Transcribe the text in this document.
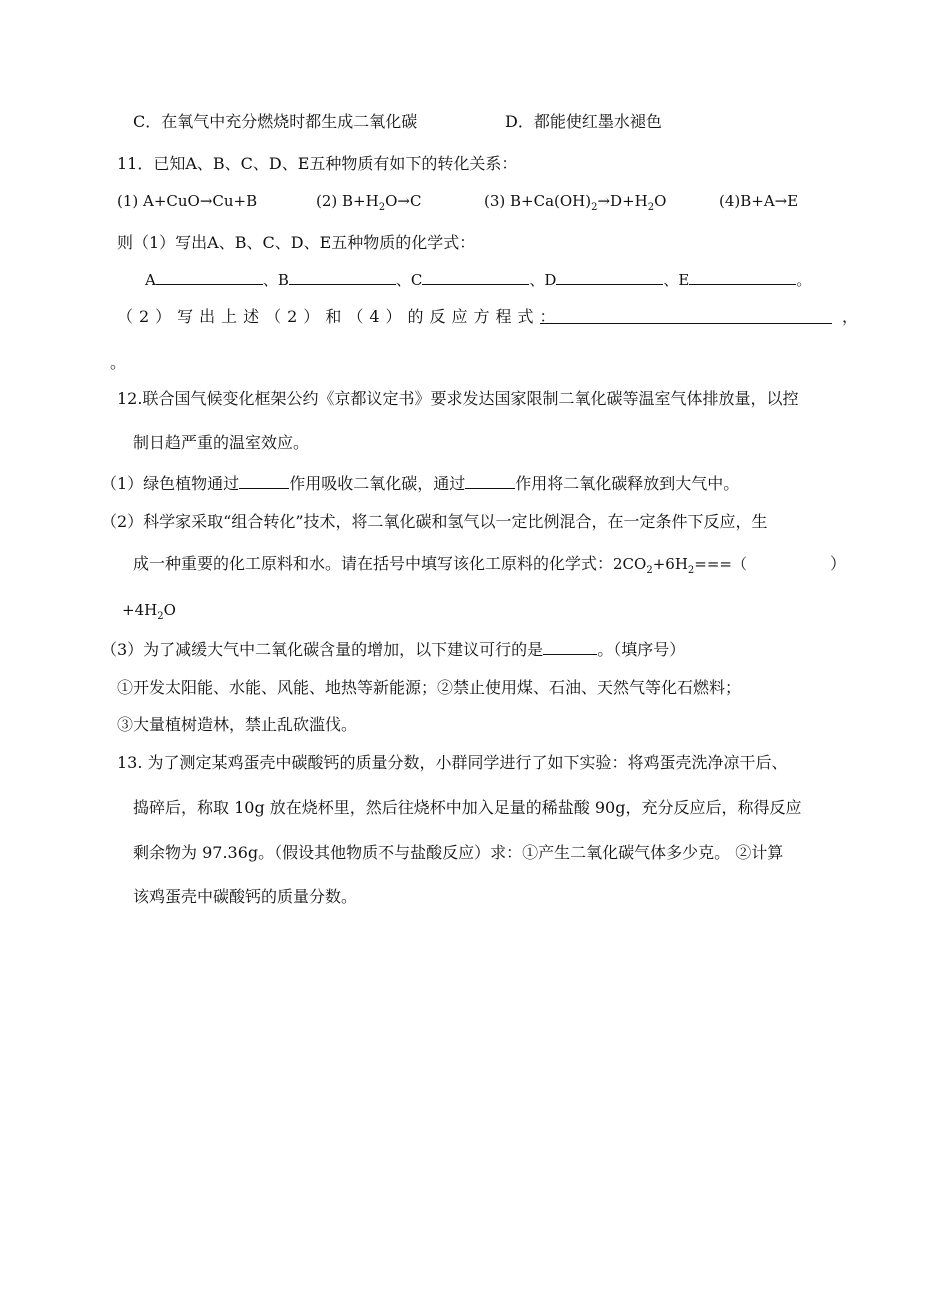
C．在氧气中充分燃烧时都生成二氧化碳	D．都能使红墨水褪色
11．已知A、B、C、D、E五种物质有如下的转化关系：
(1) A+CuO→Cu+B	(2) $B+H_2O\to C$	(3) $B+Ca(OH)_2\to D+H_2O$	(4)B+A→E
则（1）写出A、B、C、D、E五种物质的化学式：
A	、B	、C	、D	、E	。
（2）写出上述（2）和（4）的反应方程式：	，
。
12.联合国气候变化框架公约《京都议定书》要求发达国家限制二氧化碳等温室气体排放量，以控
制日趋严重的温室效应。
（1）绿色植物通过	作用吸收二氧化碳，通过	作用将二氧化碳释放到大气中。
（2）科学家采取“组合转化”技术，将二氧化碳和氢气以一定比例混合，在一定条件下反应，生
成一种重要的化工原料和水。请在括号中填写该化工原料的化学式：$2CO_2+6H_2===$（	）
$+4H_2O$
（3）为了减缓大气中二氧化碳含量的增加，以下建议可行的是	。（填序号）
①开发太阳能、水能、风能、地热等新能源；②禁止使用煤、石油、天然气等化石燃料；
③大量植树造林，禁止乱砍滥伐。
13. 为了测定某鸡蛋壳中碳酸钙的质量分数，小群同学进行了如下实验：将鸡蛋壳洗净凉干后、
捣碎后，称取 10g 放在烧杯里，然后往烧杯中加入足量的稀盐酸 90g，充分反应后，称得反应
剩余物为 97.36g。（假设其他物质不与盐酸反应）求：①产生二氧化碳气体多少克。 ②计算
该鸡蛋壳中碳酸钙的质量分数。
